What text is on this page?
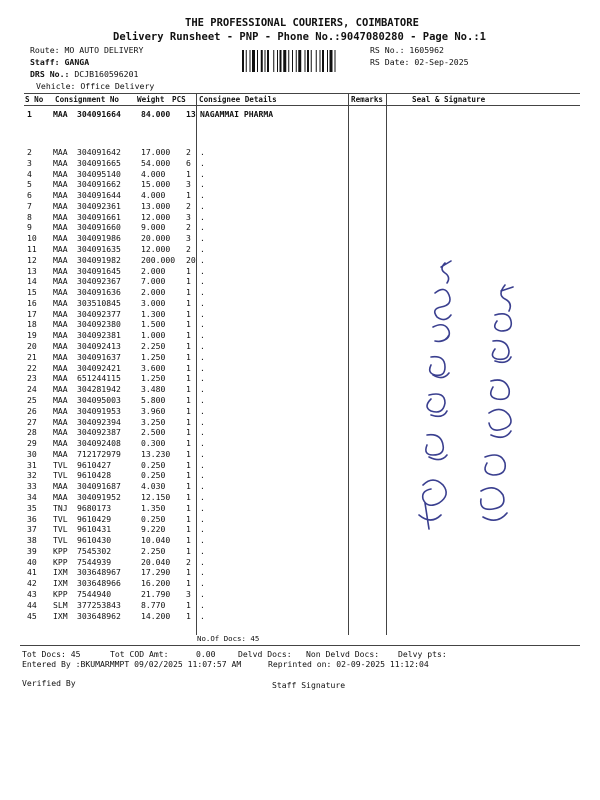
THE PROFESSIONAL COURIERS, COIMBATORE
Delivery Runsheet - PNP - Phone No.:9047080280 - Page No.:1
Route: MO AUTO DELIVERY
Staff: GANGA
DRS No.: DCJB160596201
Vehicle: Office Delivery
RS No.: 1605962
RS Date: 02-Sep-2025
S No Consignment No Weight PCS Consignee Details	Remarks	Seal & Signature
1	MAA 304091664 84.000 13 NAGAMMAI PHARMA
2	MAA 304091642 17.000 2 .
3	MAA 304091665 54.000 6 .
4	MAA 304095140 4.000	1 .
5	MAA 304091662 15.000 3 .
6	MAA 304091644 4.000	1 .
7	MAA 304092361 13.000 2 .
8	MAA 304091661 12.000 3 .
9	MAA 304091660 9.000	2 .
10 MAA 304091986 20.000 3 .
11 MAA 304091635 12.000 2 .
12 MAA 304091982 200.000 20 .
13 MAA 304091645 2.000	1 .
14 MAA 304092367 7.000	1 .
15 MAA 304091636 2.000	1 .
16 MAA 303510845 3.000	1 .
17 MAA 304092377 1.300	1 .
18 MAA 304092380 1.500	1 .
19 MAA 304092381 1.000	1 .
20 MAA 304092413 2.250	1 .
21 MAA 304091637 1.250	1 .
22 MAA 304092421 3.600	1 .
23 MAA 651244115 1.250	1 .
24 MAA 304281942 3.480	1 .
25 MAA 304095003 5.800	1 .
26 MAA 304091953 3.960	1 .
27 MAA 304092394 3.250	1 .
28 MAA 304092387 2.500	1 .
29 MAA 304092408 0.300	1 .
30 MAA 712172979 13.230 1 .
31 TVL 9610427	0.250	1 .
32 TVL 9610428	0.250	1 .
33 MAA 304091687 4.030	1 .
34 MAA 304091952 12.150 1 .
35 TNJ 9680173	1.350	1 .
36 TVL 9610429	0.250	1 .
37 TVL 9610431	9.220	1 .
38 TVL 9610430	10.040 1 .
39 KPP 7545302	2.250	1 .
40 KPP 7544939	20.040 2 .
41 IXM 303648967 17.290 1 .
42 IXM 303648966 16.200 1 .
43 KPP 7544940	21.790 3 .
44 SLM 377253843 8.770	1 .
45 IXM 303648962 14.200 1 .
No.Of Docs: 45
Tot Docs: 45	Tot COD Amt:	0.00	Delvd Docs: Non Delvd Docs: Delvy pts:
Entered By :BKUMARMMPT 09/02/2025 11:07:57 AM	Reprinted on: 02-09-2025 11:12:04
Verified By	Staff Signature
